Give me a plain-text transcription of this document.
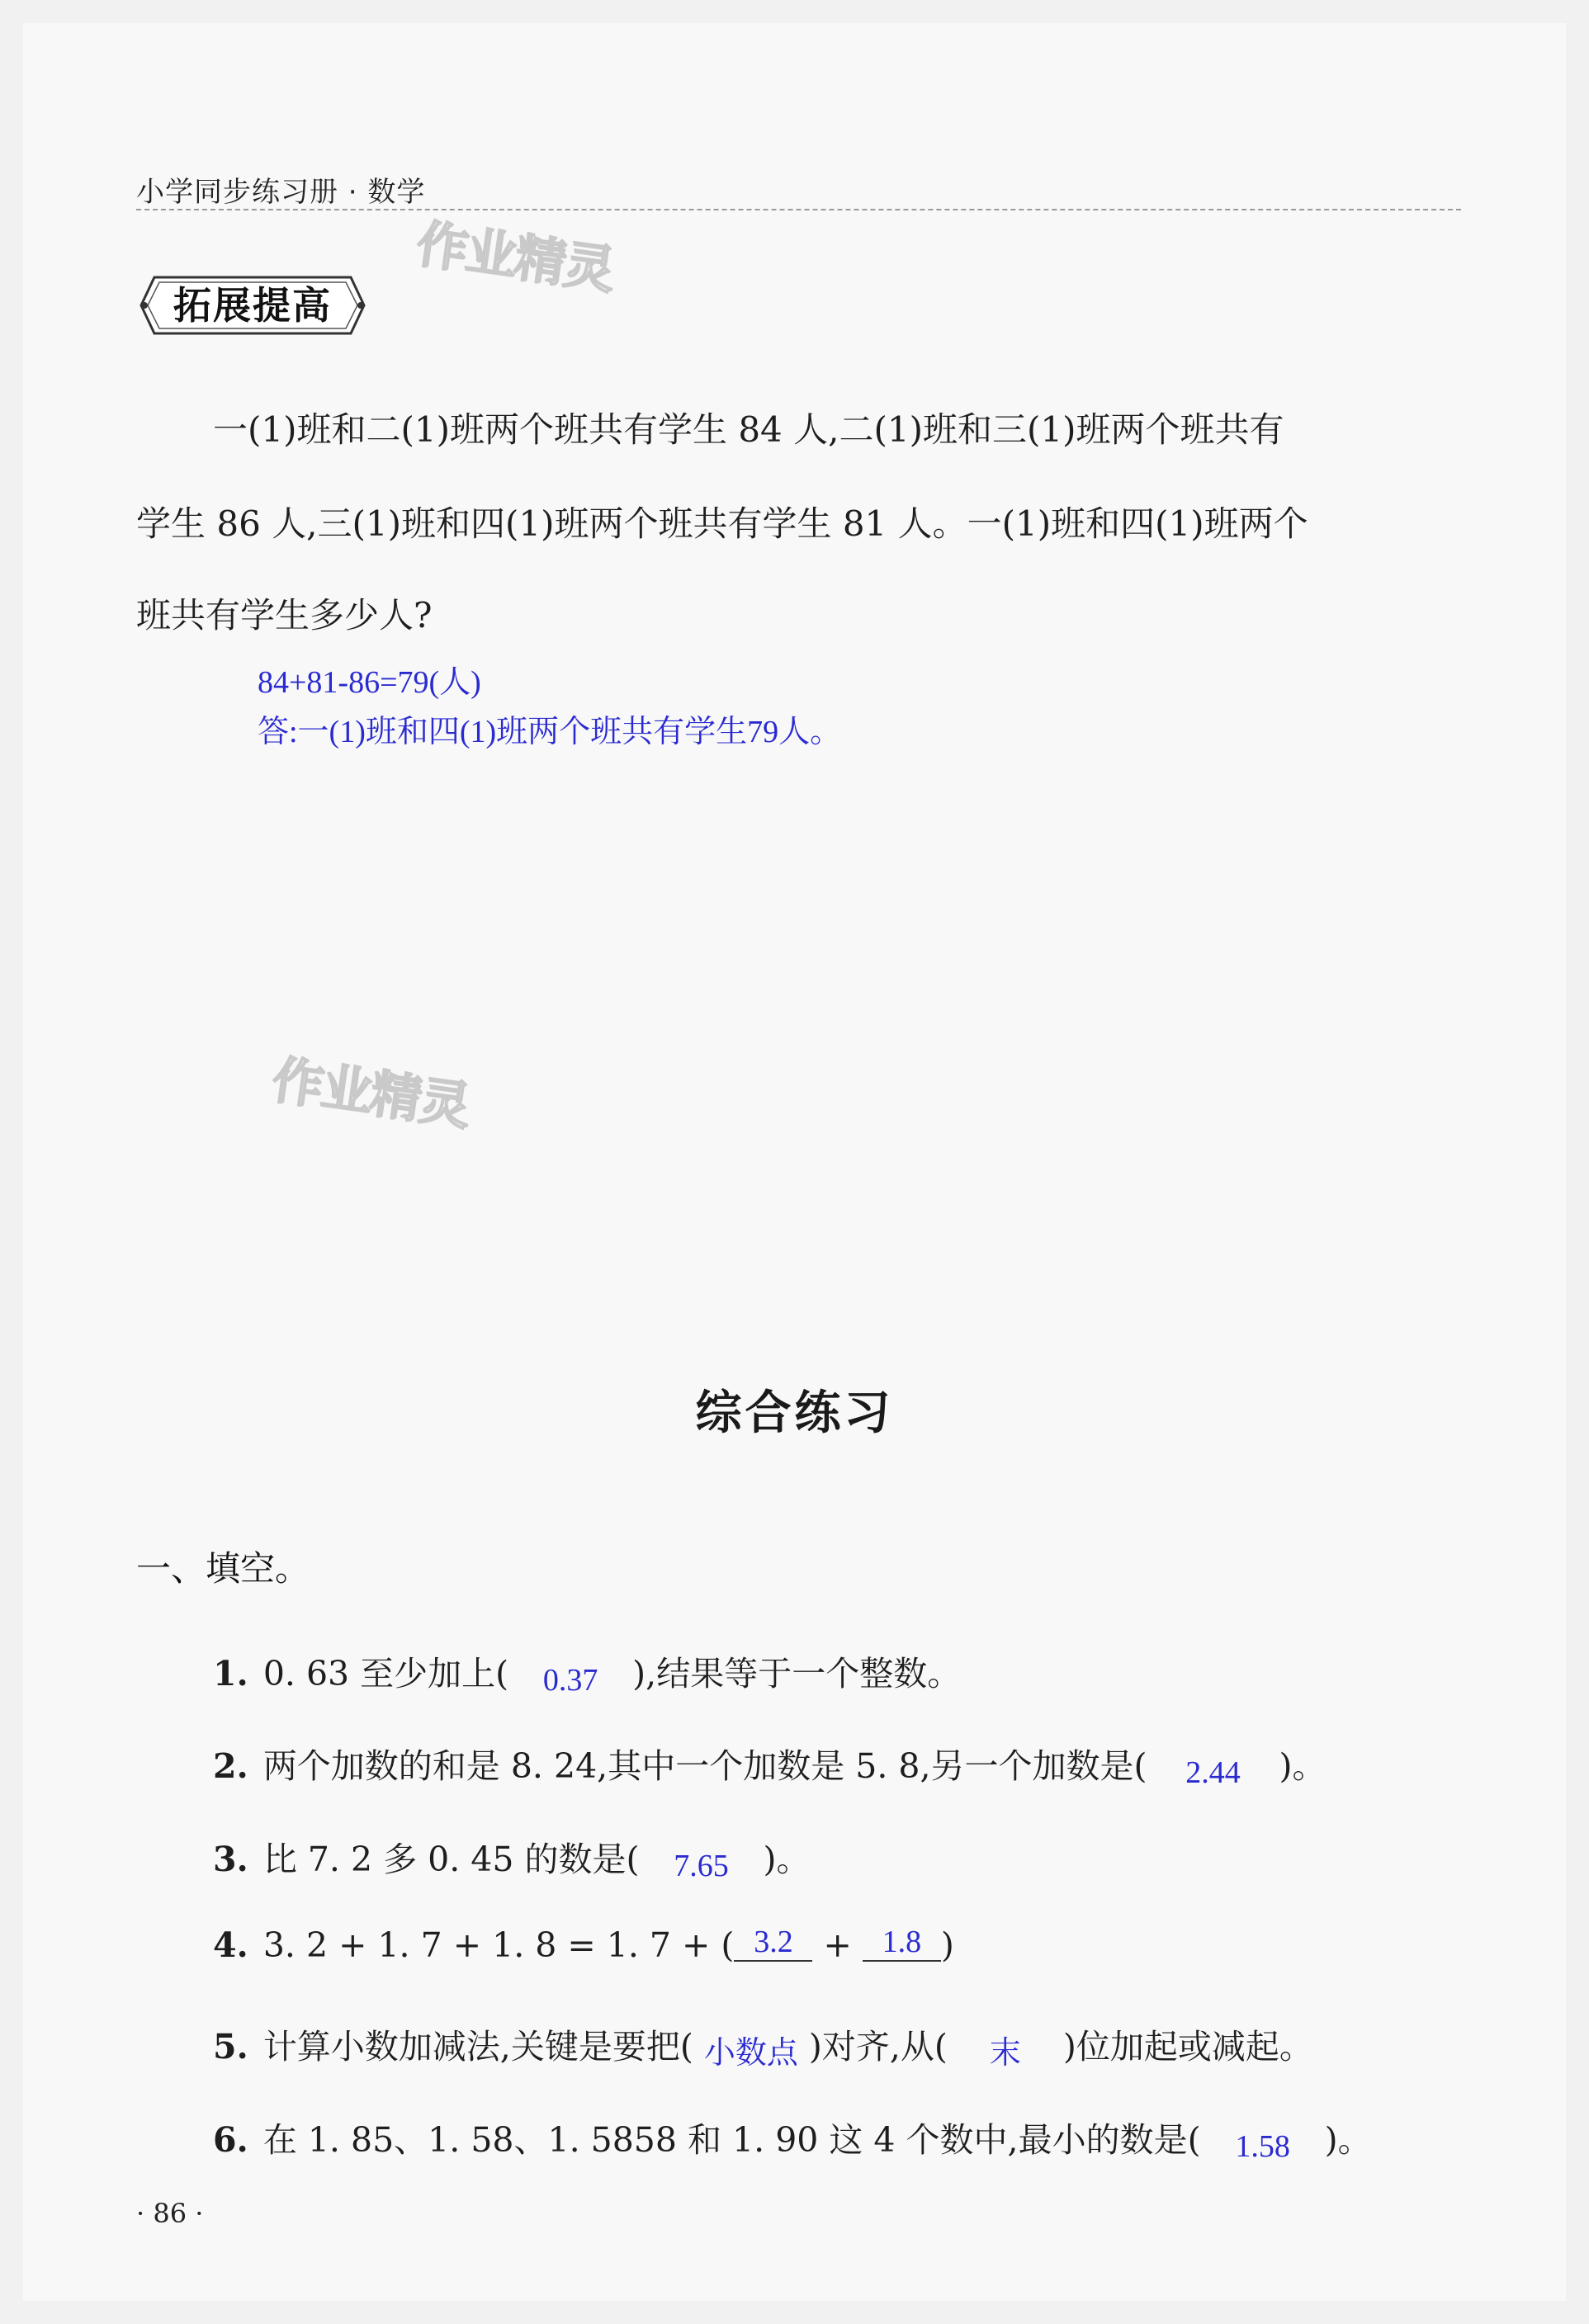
小学同步练习册 · 数学
作业精灵
作业精灵
拓展提高
一(1)班和二(1)班两个班共有学生 84 人,二(1)班和三(1)班两个班共有
学生 86 人,三(1)班和四(1)班两个班共有学生 81 人。一(1)班和四(1)班两个
班共有学生多少人?
84+81-86=79(人)
答:一(1)班和四(1)班两个班共有学生79人。
综合练习
一、填空。
1. 0. 63 至少加上( 0.37 ),结果等于一个整数。
2. 两个加数的和是 8. 24,其中一个加数是 5. 8,另一个加数是( 2.44 )。
3. 比 7. 2 多 0. 45 的数是( 7.65 )。
4. 3. 2 + 1. 7 + 1. 8 = 1. 7 + ( 3.2 + 1.8 )
5. 计算小数加减法,关键是要把( 小数点 )对齐,从( 末 )位加起或减起。
6. 在 1. 85、1. 58、1. 5858 和 1. 90 这 4 个数中,最小的数是( 1.58 )。
· 86 ·
